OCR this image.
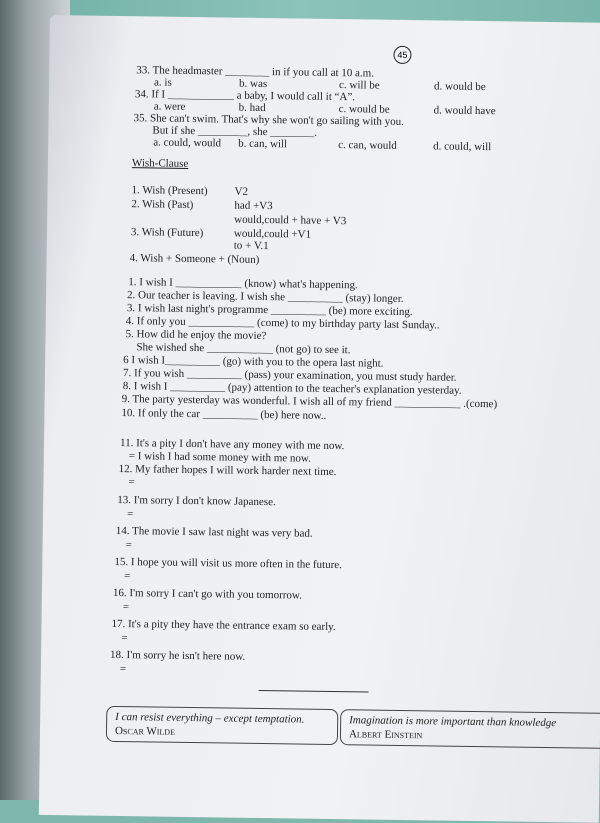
45
33. The headmaster ________ in if you call at 10 a.m.
a. is	b. was	c. will be	d. would be
34. If I ____________ a baby, I would call it “A”.
a. were	b. had	c. would be	d. would have
35. She can't swim. That's why she won't go sailing with you.
But if she _________, she ________.
a. could, would b. can, will	c. can, would	d. could, will
Wish-Clause
1. Wish (Present) V2
2. Wish (Past)	had +V3
would,could + have + V3
3. Wish (Future)	would,could +V1
to + V.1
4. Wish + Someone + (Noun)
1. I wish I ____________ (know) what's happening.
2. Our teacher is leaving. I wish she __________ (stay) longer.
3. I wish last night's programme __________ (be) more exciting.
4. If only you ____________ (come) to my birthday party last Sunday..
5. How did he enjoy the movie?
She wished she ____________ (not go) to see it.
6 I wish I__________ (go) with you to the opera last night.
7. If you wish __________ (pass) your examination, you must study harder.
8. I wish I __________ (pay) attention to the teacher's explanation yesterday.
9. The party yesterday was wonderful. I wish all of my friend ____________ .(come)
10. If only the car __________ (be) here now..
11. It's a pity I don't have any money with me now.
= I wish I had some money with me now.
12. My father hopes I will work harder next time.
=
13. I'm sorry I don't know Japanese.
=
14. The movie I saw last night was very bad.
=
15. I hope you will visit us more often in the future.
=
16. I'm sorry I can't go with you tomorrow.
=
17. It's a pity they have the entrance exam so early.
=
18. I'm sorry he isn't here now.
=
I can resist everything – except temptation.
Oscar Wilde
Imagination is more important than knowledge
Albert Einstein
